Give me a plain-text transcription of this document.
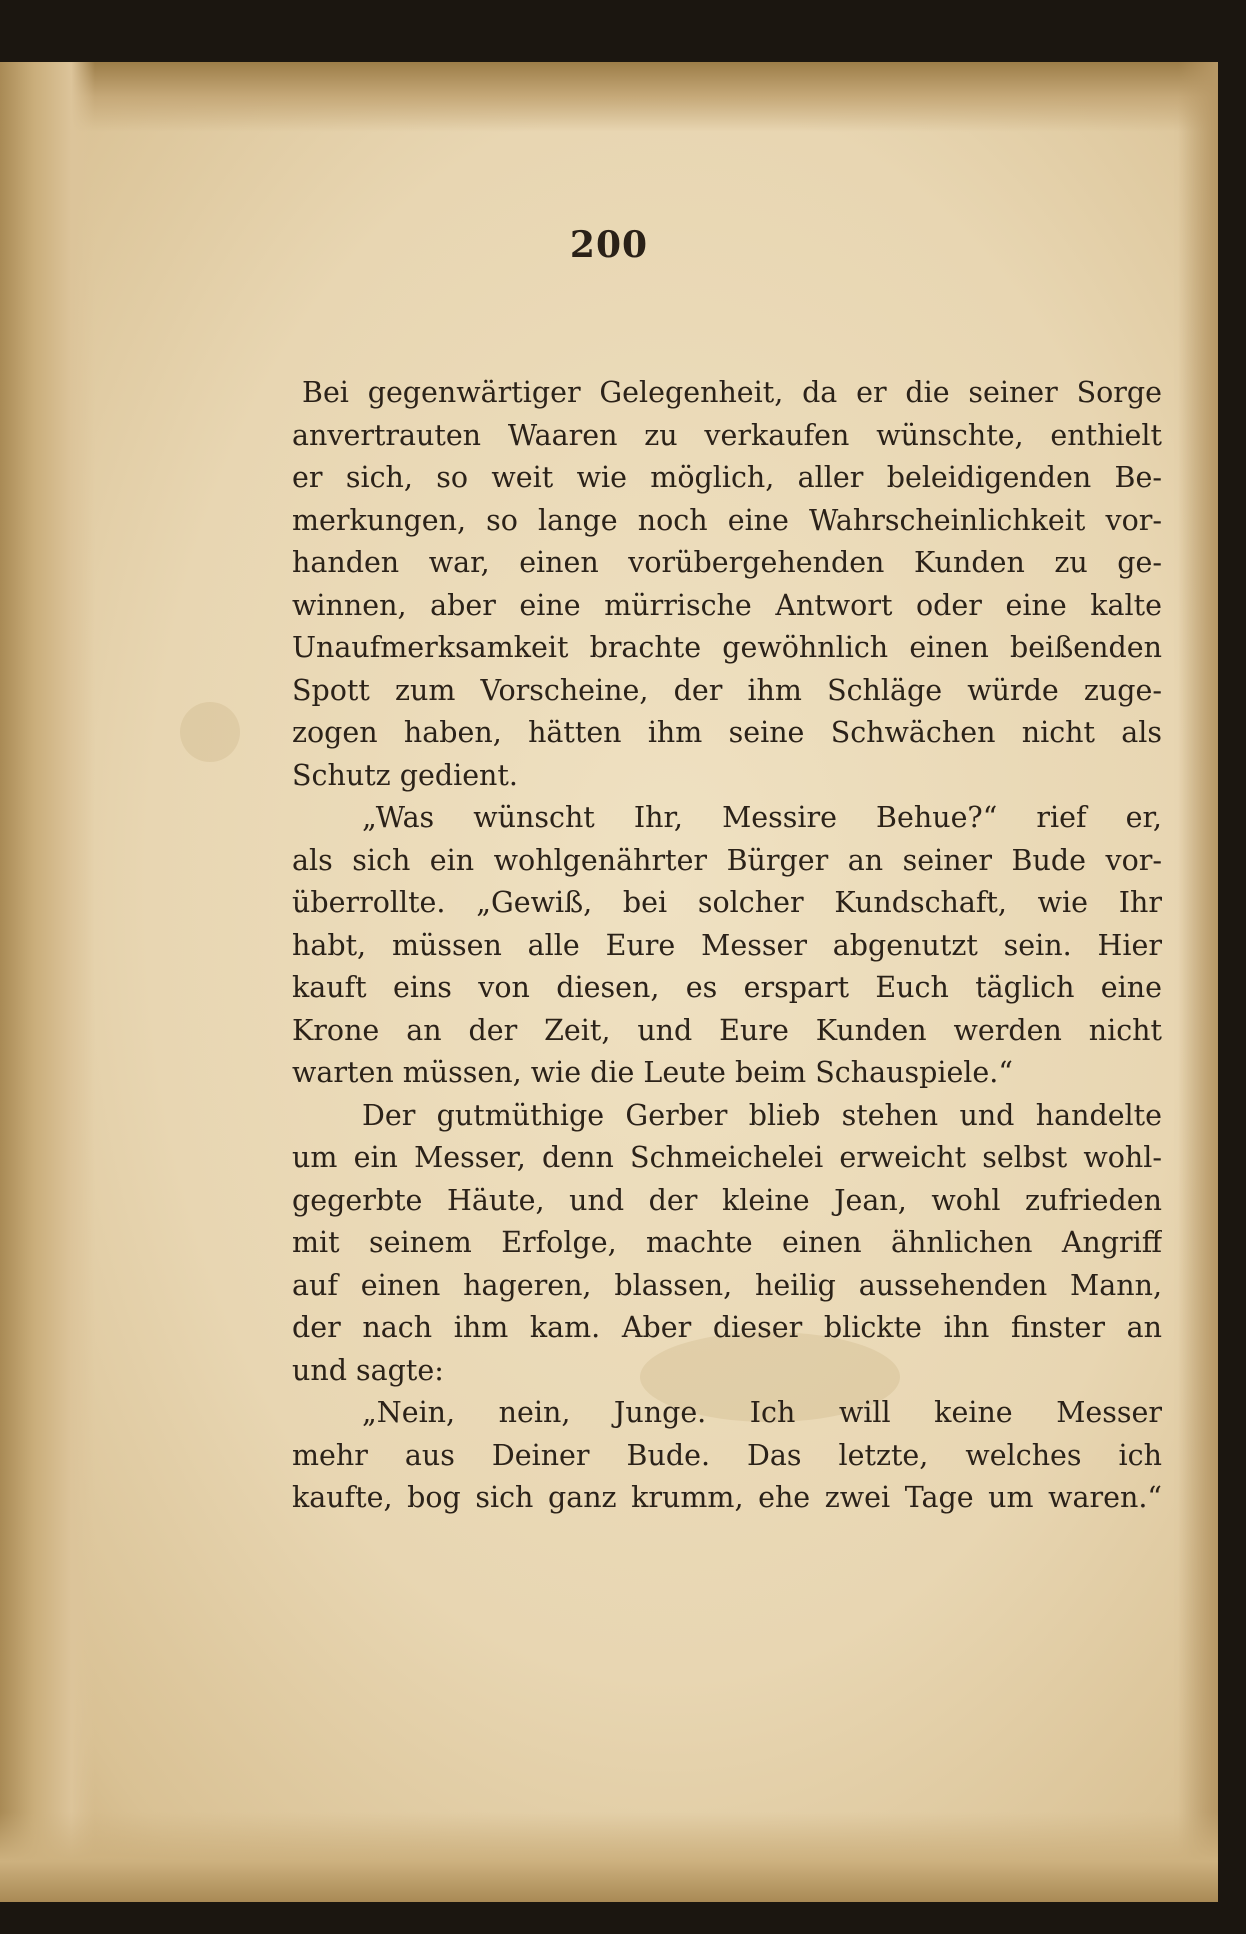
200
Bei gegenwärtiger Gelegenheit, da er die seiner Sorge
anvertrauten Waaren zu verkaufen wünschte, enthielt
er sich, so weit wie möglich, aller beleidigenden Be-
merkungen, so lange noch eine Wahrscheinlichkeit vor-
handen war, einen vorübergehenden Kunden zu ge-
winnen, aber eine mürrische Antwort oder eine kalte
Unaufmerksamkeit brachte gewöhnlich einen beißenden
Spott zum Vorscheine, der ihm Schläge würde zuge-
zogen haben, hätten ihm seine Schwächen nicht als
Schutz gedient.
„Was wünscht Ihr, Messire Behue?“ rief er,
als sich ein wohlgenährter Bürger an seiner Bude vor-
überrollte. „Gewiß, bei solcher Kundschaft, wie Ihr
habt, müssen alle Eure Messer abgenutzt sein. Hier
kauft eins von diesen, es erspart Euch täglich eine
Krone an der Zeit, und Eure Kunden werden nicht
warten müssen, wie die Leute beim Schauspiele.“
Der gutmüthige Gerber blieb stehen und handelte
um ein Messer, denn Schmeichelei erweicht selbst wohl-
gegerbte Häute, und der kleine Jean, wohl zufrieden
mit seinem Erfolge, machte einen ähnlichen Angriff
auf einen hageren, blassen, heilig aussehenden Mann,
der nach ihm kam. Aber dieser blickte ihn finster an
und sagte:
„Nein, nein, Junge. Ich will keine Messer
mehr aus Deiner Bude. Das letzte, welches ich
kaufte, bog sich ganz krumm, ehe zwei Tage um waren.“
